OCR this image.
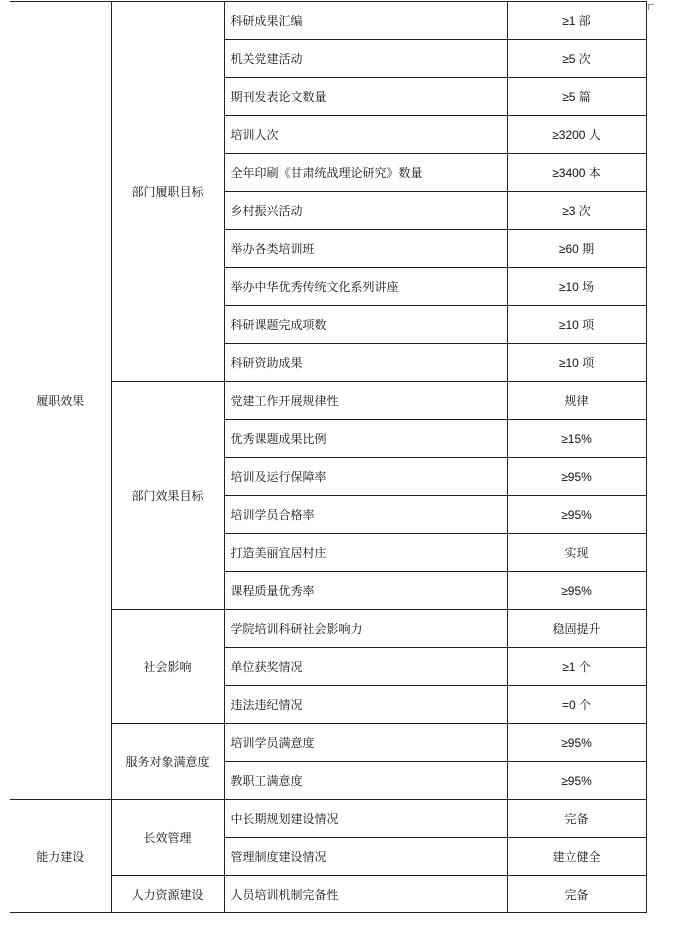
履职效果	部门履职目标	科研成果汇编	≥1 部
		机关党建活动	≥5 次
		期刊发表论文数量	≥5 篇
		培训人次	≥3200 人
		全年印刷《甘肃统战理论研究》数量	≥3400 本
		乡村振兴活动	≥3 次
		举办各类培训班	≥60 期
		举办中华优秀传统文化系列讲座	≥10 场
		科研课题完成项数	≥10 项
		科研资助成果	≥10 项
	部门效果目标	党建工作开展规律性	规律
		优秀课题成果比例	≥15%
		培训及运行保障率	≥95%
		培训学员合格率	≥95%
		打造美丽宜居村庄	实现
		课程质量优秀率	≥95%
	社会影响	学院培训科研社会影响力	稳固提升
		单位获奖情况	≥1 个
		违法违纪情况	=0 个
	服务对象满意度	培训学员满意度	≥95%
		教职工满意度	≥95%
能力建设	长效管理	中长期规划建设情况	完备
		管理制度建设情况	建立健全
	人力资源建设	人员培训机制完备性	完备
